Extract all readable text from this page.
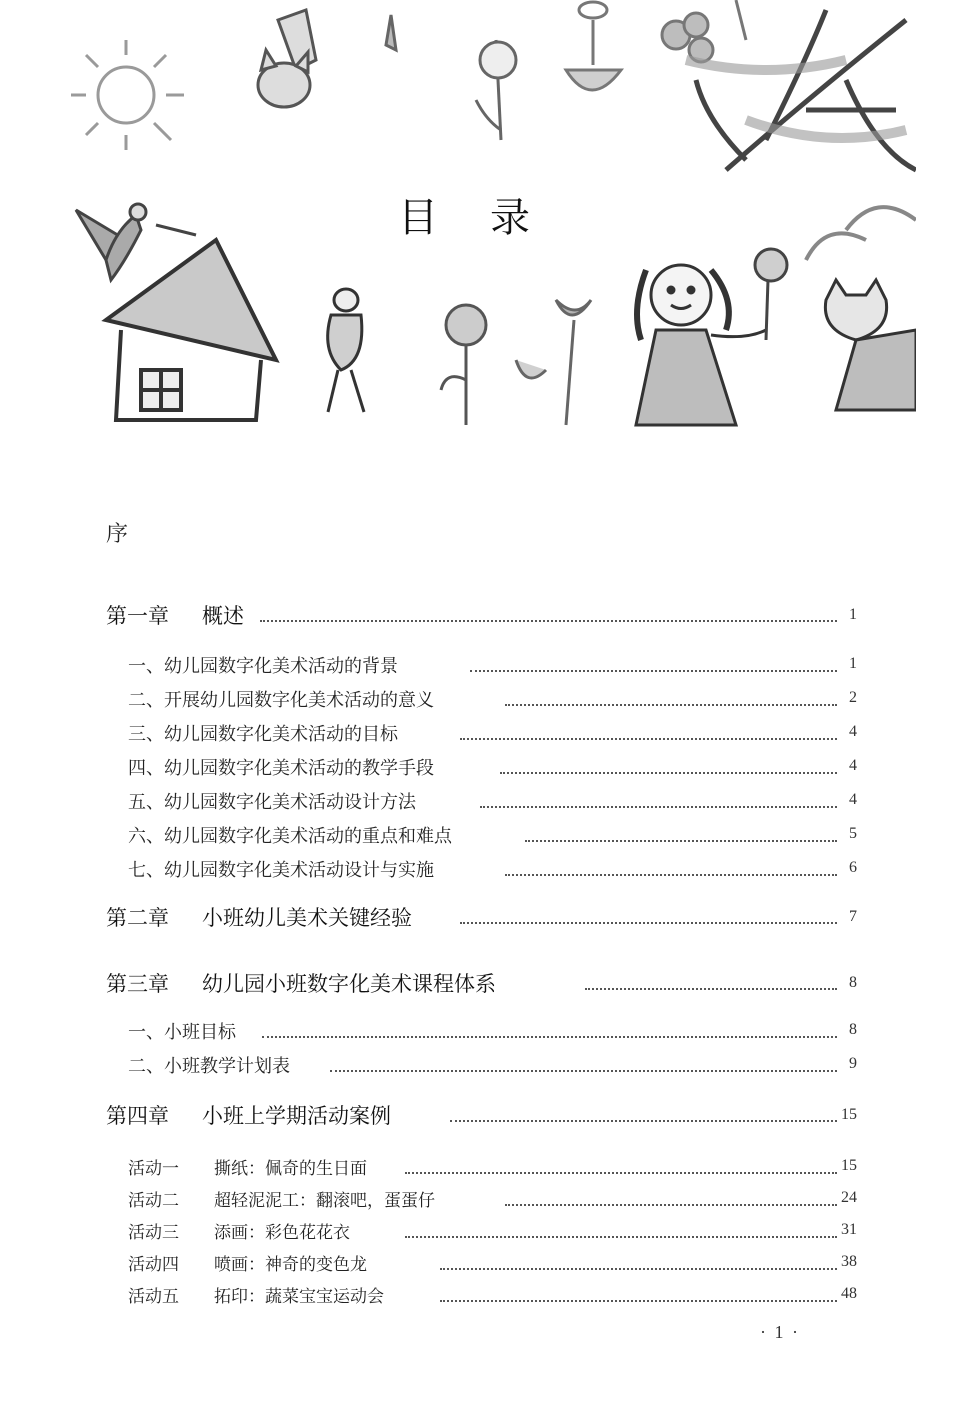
目录
序
第一章 概述	1
一、幼儿园数字化美术活动的背景	1
二、开展幼儿园数字化美术活动的意义	2
三、幼儿园数字化美术活动的目标	4
四、幼儿园数字化美术活动的教学手段	4
五、幼儿园数字化美术活动设计方法	4
六、幼儿园数字化美术活动的重点和难点	5
七、幼儿园数字化美术活动设计与实施	6
第二章 小班幼儿美术关键经验	7
第三章 幼儿园小班数字化美术课程体系	8
一、小班目标	8
二、小班教学计划表	9
第四章 小班上学期活动案例	15
活动一 撕纸：佩奇的生日面	15
活动二 超轻泥泥工：翻滚吧，蛋蛋仔	24
活动三 添画：彩色花花衣	31
活动四 喷画：神奇的变色龙	38
活动五 拓印：蔬菜宝宝运动会	48
· 1 ·
